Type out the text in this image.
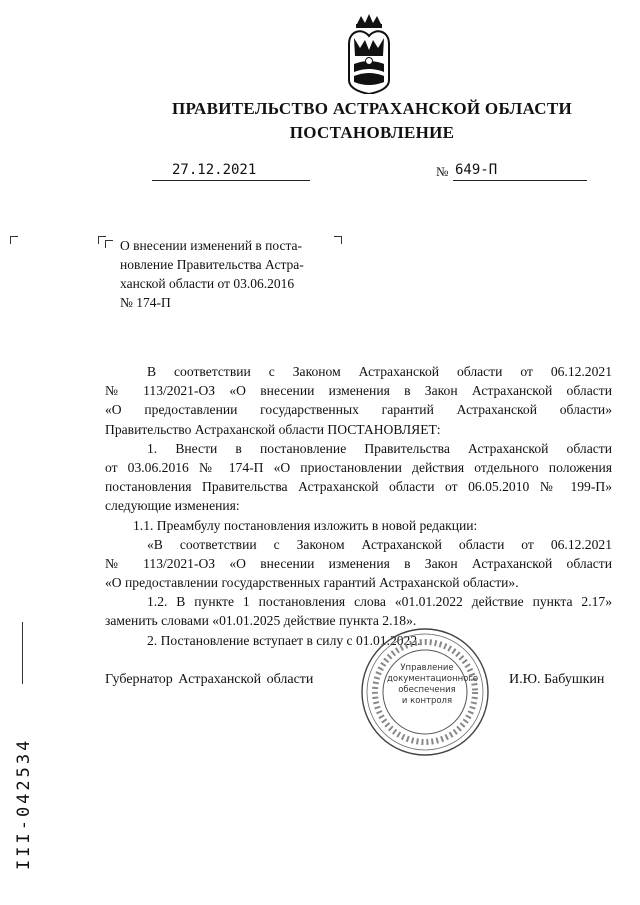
ПРАВИТЕЛЬСТВО АСТРАХАНСКОЙ ОБЛАСТИ
ПОСТАНОВЛЕНИЕ
27.12.2021	№ 649-П
О внесении изменений в поста-
новление Правительства Астра-
ханской области от 03.06.2016
№ 174-П
В соответствии с Законом Астраханской области от 06.12.2021
№ 113/2021-ОЗ «О внесении изменения в Закон Астраханской области
«О предоставлении государственных гарантий Астраханской области»
Правительство Астраханской области ПОСТАНОВЛЯЕТ:
1. Внести в постановление Правительства Астраханской области
от 03.06.2016 № 174-П «О приостановлении действия отдельного положения
постановления Правительства Астраханской области от 06.05.2010 № 199-П»
следующие изменения:
1.1. Преамбулу постановления изложить в новой редакции:
«В соответствии с Законом Астраханской области от 06.12.2021
№ 113/2021-ОЗ «О внесении изменения в Закон Астраханской области
«О предоставлении государственных гарантий Астраханской области».
1.2. В пункте 1 постановления слова «01.01.2022 действие пункта 2.17»
заменить словами «01.01.2025 действие пункта 2.18».
2. Постановление вступает в силу с 01.01.2022.
Губернатор Астраханской области
Управление
документационного
обеспечения
и контроля
И.Ю. Бабушкин
III-042534
